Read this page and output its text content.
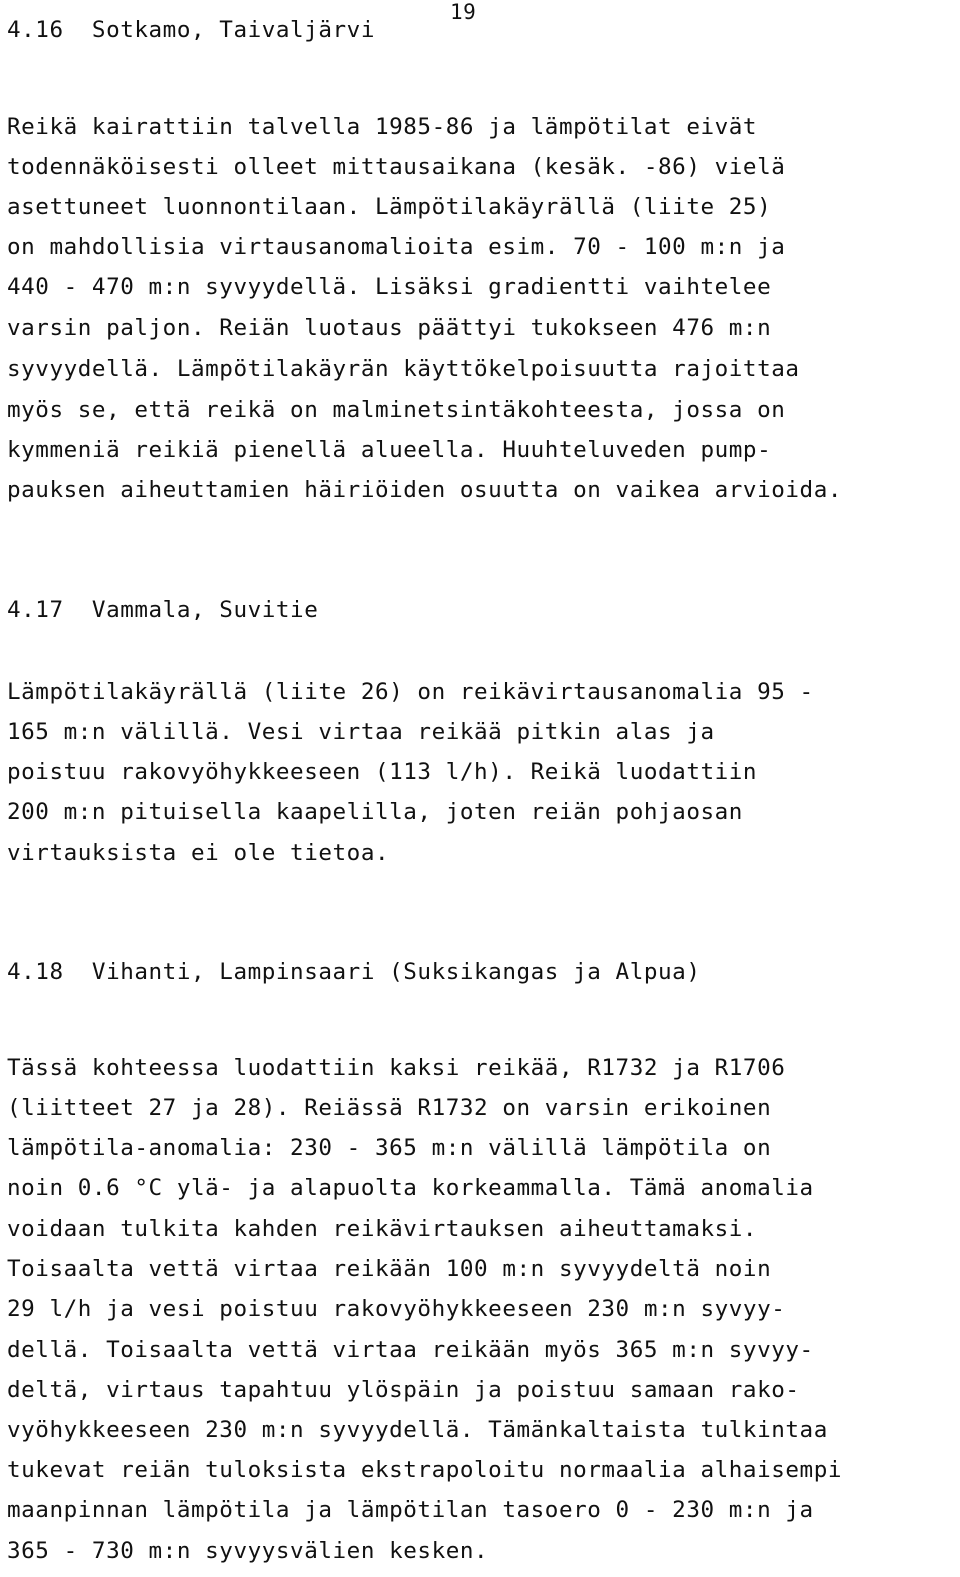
19
4.16  Sotkamo, Taivaljärvi
Reikä kairattiin talvella 1985-86 ja lämpötilat eivät
todennäköisesti olleet mittausaikana (kesäk. -86) vielä
asettuneet luonnontilaan. Lämpötilakäyrällä (liite 25)
on mahdollisia virtausanomalioita esim. 70 - 100 m:n ja
440 - 470 m:n syvyydellä. Lisäksi gradientti vaihtelee
varsin paljon. Reiän luotaus päättyi tukokseen 476 m:n
syvyydellä. Lämpötilakäyrän käyttökelpoisuutta rajoittaa
myös se, että reikä on malminetsintäkohteesta, jossa on
kymmeniä reikiä pienellä alueella. Huuhteluveden pump-
pauksen aiheuttamien häiriöiden osuutta on vaikea arvioida.
4.17  Vammala, Suvitie
Lämpötilakäyrällä (liite 26) on reikävirtausanomalia 95 -
165 m:n välillä. Vesi virtaa reikää pitkin alas ja
poistuu rakovyöhykkeeseen (113 l/h). Reikä luodattiin
200 m:n pituisella kaapelilla, joten reiän pohjaosan
virtauksista ei ole tietoa.
4.18  Vihanti, Lampinsaari (Suksikangas ja Alpua)
Tässä kohteessa luodattiin kaksi reikää, R1732 ja R1706
(liitteet 27 ja 28). Reiässä R1732 on varsin erikoinen
lämpötila-anomalia: 230 - 365 m:n välillä lämpötila on
noin 0.6 °C ylä- ja alapuolta korkeammalla. Tämä anomalia
voidaan tulkita kahden reikävirtauksen aiheuttamaksi.
Toisaalta vettä virtaa reikään 100 m:n syvyydeltä noin
29 l/h ja vesi poistuu rakovyöhykkeeseen 230 m:n syvyy-
dellä. Toisaalta vettä virtaa reikään myös 365 m:n syvyy-
deltä, virtaus tapahtuu ylöspäin ja poistuu samaan rako-
vyöhykkeeseen 230 m:n syvyydellä. Tämänkaltaista tulkintaa
tukevat reiän tuloksista ekstrapoloitu normaalia alhaisempi
maanpinnan lämpötila ja lämpötilan tasoero 0 - 230 m:n ja
365 - 730 m:n syvyysvälien kesken.
